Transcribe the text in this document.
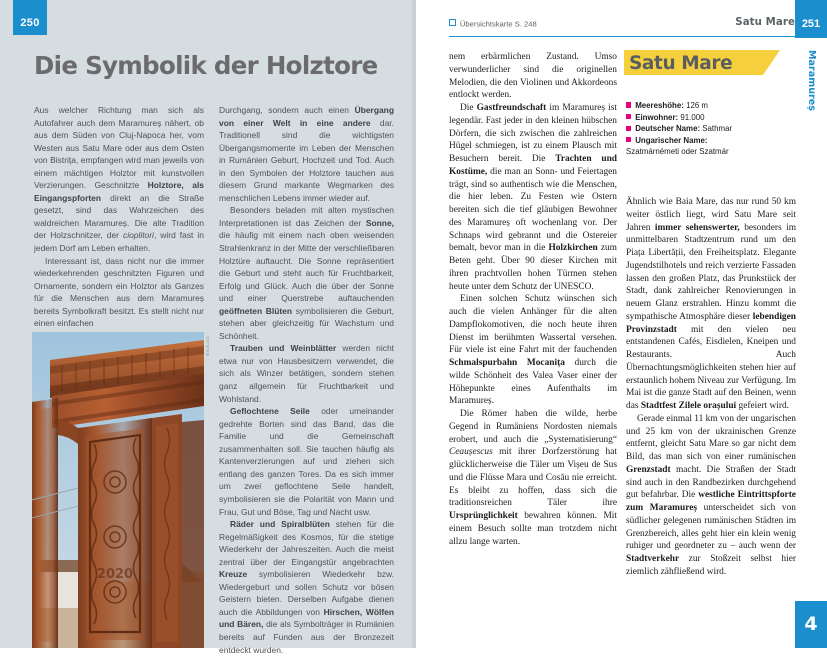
250
Die Symbolik der Holztore

Aus welcher Richtung man sich als Autofahrer auch dem Maramureș nähert, ob aus dem Süden von Cluj-Napoca her, vom Westen aus Satu Mare oder aus dem Osten von Bistrița, empfangen wird man jeweils von einem mächtigen Holztor mit kunstvollen Verzierungen. Geschnitzte Holztore, als Eingangspforten direkt an die Straße gesetzt, sind das Wahrzeichen des waldreichen Maramureș. Die alte Tradition der Holzschnitzer, der cioplitori, wird fast in jedem Dorf am Leben erhalten.

Interessant ist, dass nicht nur die immer wiederkehrenden geschnitzten Figuren und Ornamente, sondern ein Holztor als Ganzes für die Menschen aus dem Maramureș bereits Symbolkraft besitzt. Es stellt nicht nur einen einfachen

Durchgang, sondern auch einen Übergang von einer Welt in eine andere dar. Traditionell sind die wichtigsten Übergangsmomente im Leben der Menschen in Rumänien Geburt, Hochzeit und Tod. Auch in den Symbolen der Holztore tauchen aus diesem Grund markante Wegmarken des menschlichen Lebens immer wieder auf.

Besonders beladen mit alten mystischen Interpretationen ist das Zeichen der Sonne, die häufig mit einem nach oben weisenden Strahlenkranz in der Mitte der verschließbaren Holztüre auftaucht. Die Sonne repräsentiert die Geburt und steht auch für Fruchtbarkeit, Erfolg und Glück. Auch die über der Sonne und einer Querstrebe auftauchenden geöffneten Blüten symbolisieren die Geburt, stehen aber gleichzeitig für Wachstum und Schönheit.

Trauben und Weinblätter werden nicht etwa nur von Hausbesitzern verwendet, die sich als Winzer betätigen, sondern stehen ganz allgemein für Fruchtbarkeit und Wohlstand.

Geflochtene Seile oder umeinander gedrehte Borten sind das Band, das die Familie und die Gemeinschaft zusammenhalten soll. Sie tauchen häufig als Kantenverzierungen auf und ziehen sich entlang des ganzen Tores. Da es sich immer um zwei geflochtene Seile handelt, symbolisieren sie die Polarität von Mann und Frau, Gut und Böse, Tag und Nacht usw.

Räder und Spiralblüten stehen für die Regelmäßigkeit des Kosmos, für die stetige Wiederkehr der Jahreszeiten. Auch die meist zentral über der Eingangstür angebrachten Kreuze symbolisieren Wiederkehr bzw. Wiedergeburt und sollen Schutz vor bösen Geistern bieten. Derselben Aufgabe dienen auch die Abbildungen von Hirschen, Wölfen und Bären, die als Symbolträger in Rumänien bereits auf Funden aus der Bronzezeit entdeckt wurden.

2020
stock.xox
Übersichtskarte S. 248	Satu Mare 251
Maramureș
4
Satu Mare
Meereshöhe: 126 m
Einwohner: 91.000
Deutscher Name: Sathmar
Ungarischer Name:
Szatmárnémeti oder Szatmár

nem erbärmlichen Zustand. Umso verwunderlicher sind die originellen Melodien, die den Violinen und Akkordeons entlockt werden.

Die Gastfreundschaft im Maramureș ist legendär. Fast jeder in den kleinen hübschen Dörfern, die sich zwischen die zahlreichen Hügel schmiegen, ist zu einem Plausch mit Besuchern bereit. Die Trachten und Kostüme, die man an Sonn- und Feiertagen trägt, sind so authentisch wie die Menschen, die hier leben. Zu Festen wie Ostern bereiten sich die tief gläubigen Bewohner des Maramureș oft wochenlang vor. Der Schnaps wird gebrannt und die Ostereier bemalt, bevor man in die Holzkirchen zum Beten geht. Über 90 dieser Kirchen mit ihren prachtvollen hohen Türmen stehen heute unter dem Schutz der UNESCO.

Einen solchen Schutz wünschen sich auch die vielen Anhänger für die alten Dampflokomotiven, die noch heute ihren Dienst im berühmten Wassertal versehen. Für viele ist eine Fahrt mit der fauchenden Schmalspurbahn Mocanița durch die wilde Schönheit des Valea Vaser einer der Höhepunkte eines Aufenthalts im Maramureș.

Die Römer haben die wilde, herbe Gegend in Rumäniens Nordosten niemals erobert, und auch die „Systematisierung“ Ceaușescus mit ihrer Dorfzerstörung hat glücklicherweise die Täler um Vișeu de Sus und die Flüsse Mara und Cosău nie erreicht. Es bleibt zu hoffen, dass sich die traditionsreichen Täler ihre Ursprünglichkeit bewahren können. Mit einem Besuch sollte man trotzdem nicht allzu lange warten.

Ähnlich wie Baia Mare, das nur rund 50 km weiter östlich liegt, wird Satu Mare seit Jahren immer sehenswerter, besonders im unmittelbaren Stadtzentrum rund um den Piața Libertății, den Freiheitsplatz. Elegante Jugendstilhotels und reich verzierte Fassaden lassen den großen Platz, das Prunkstück der Stadt, dank zahlreicher Renovierungen in neuem Glanz erstrahlen. Hinzu kommt die sympathische Atmosphäre dieser lebendigen Provinzstadt mit den vielen neu entstandenen Cafés, Eisdielen, Kneipen und Restaurants. Auch Übernachtungsmöglichkeiten stehen hier auf erstaunlich hohem Niveau zur Verfügung. Im Mai ist die ganze Stadt auf den Beinen, wenn das Stadtfest Zilele orașului gefeiert wird.

Gerade einmal 11 km von der ungarischen und 25 km von der ukrainischen Grenze entfernt, gleicht Satu Mare so gar nicht dem Bild, das man sich von einer rumänischen Grenzstadt macht. Die Straßen der Stadt sind auch in den Randbezirken durchgehend gut befahrbar. Die westliche Eintrittspforte zum Maramureș unterscheidet sich von südlicher gelegenen rumänischen Städten im Grenzbereich, alles geht hier ein klein wenig ruhiger und geordneter zu – auch wenn der Stadtverkehr zur Stoßzeit selbst hier ziemlich zähfließend wird.
